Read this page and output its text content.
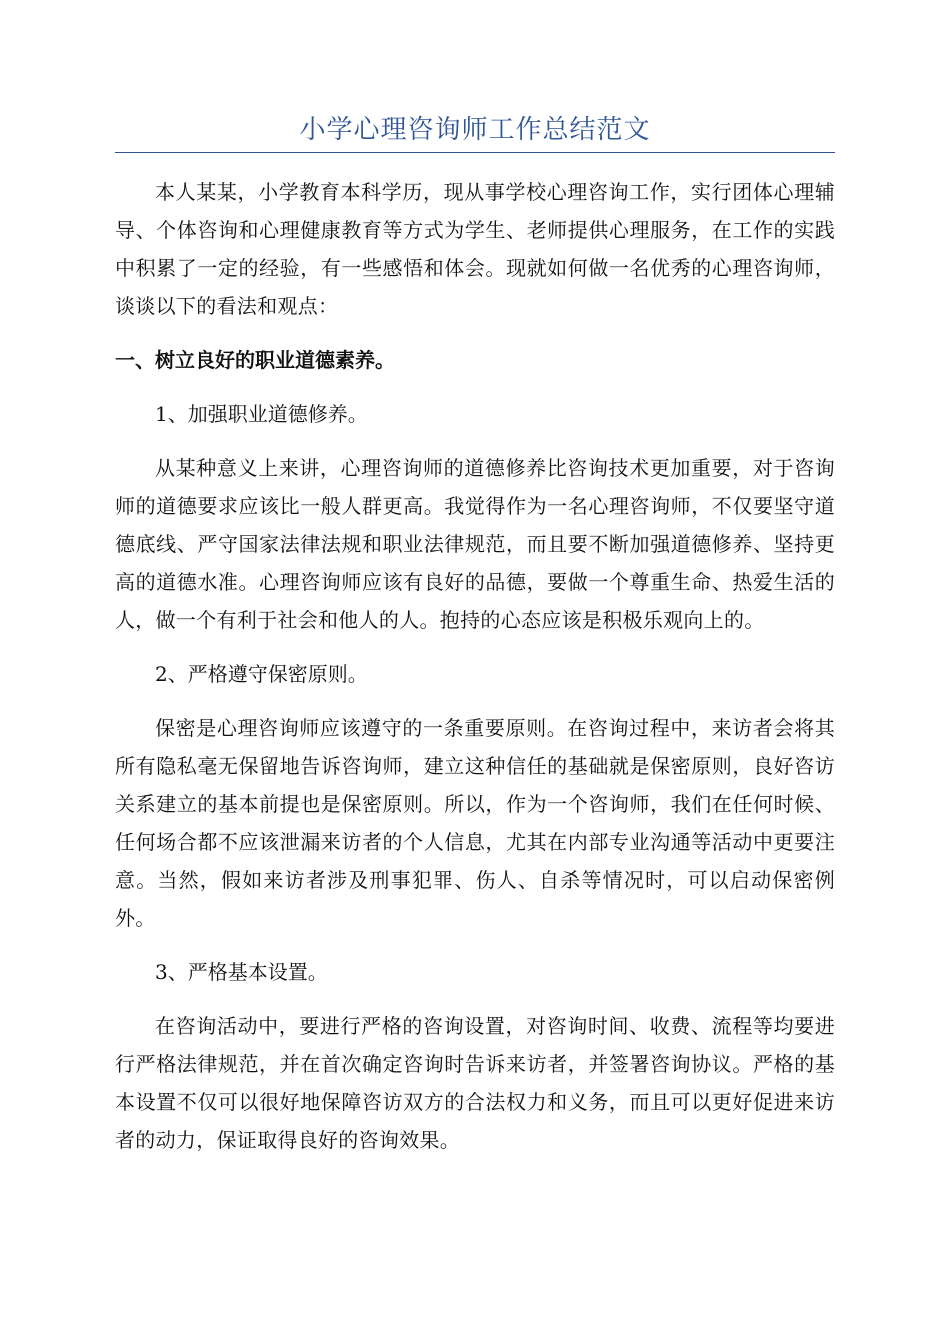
小学心理咨询师工作总结范文

本人某某，小学教育本科学历，现从事学校心理咨询工作，实行团体心理辅导、个体咨询和心理健康教育等方式为学生、老师提供心理服务，在工作的实践中积累了一定的经验，有一些感悟和体会。现就如何做一名优秀的心理咨询师，谈谈以下的看法和观点：

一、树立良好的职业道德素养。

1、加强职业道德修养。

从某种意义上来讲，心理咨询师的道德修养比咨询技术更加重要，对于咨询师的道德要求应该比一般人群更高。我觉得作为一名心理咨询师，不仅要坚守道德底线、严守国家法律法规和职业法律规范，而且要不断加强道德修养、坚持更高的道德水准。心理咨询师应该有良好的品德，要做一个尊重生命、热爱生活的人，做一个有利于社会和他人的人。抱持的心态应该是积极乐观向上的。

2、严格遵守保密原则。

保密是心理咨询师应该遵守的一条重要原则。在咨询过程中，来访者会将其所有隐私毫无保留地告诉咨询师，建立这种信任的基础就是保密原则，良好咨访关系建立的基本前提也是保密原则。所以，作为一个咨询师，我们在任何时候、任何场合都不应该泄漏来访者的个人信息，尤其在内部专业沟通等活动中更要注意。当然，假如来访者涉及刑事犯罪、伤人、自杀等情况时，可以启动保密例外。

3、严格基本设置。

在咨询活动中，要进行严格的咨询设置，对咨询时间、收费、流程等均要进行严格法律规范，并在首次确定咨询时告诉来访者，并签署咨询协议。严格的基本设置不仅可以很好地保障咨访双方的合法权力和义务，而且可以更好促进来访者的动力，保证取得良好的咨询效果。
